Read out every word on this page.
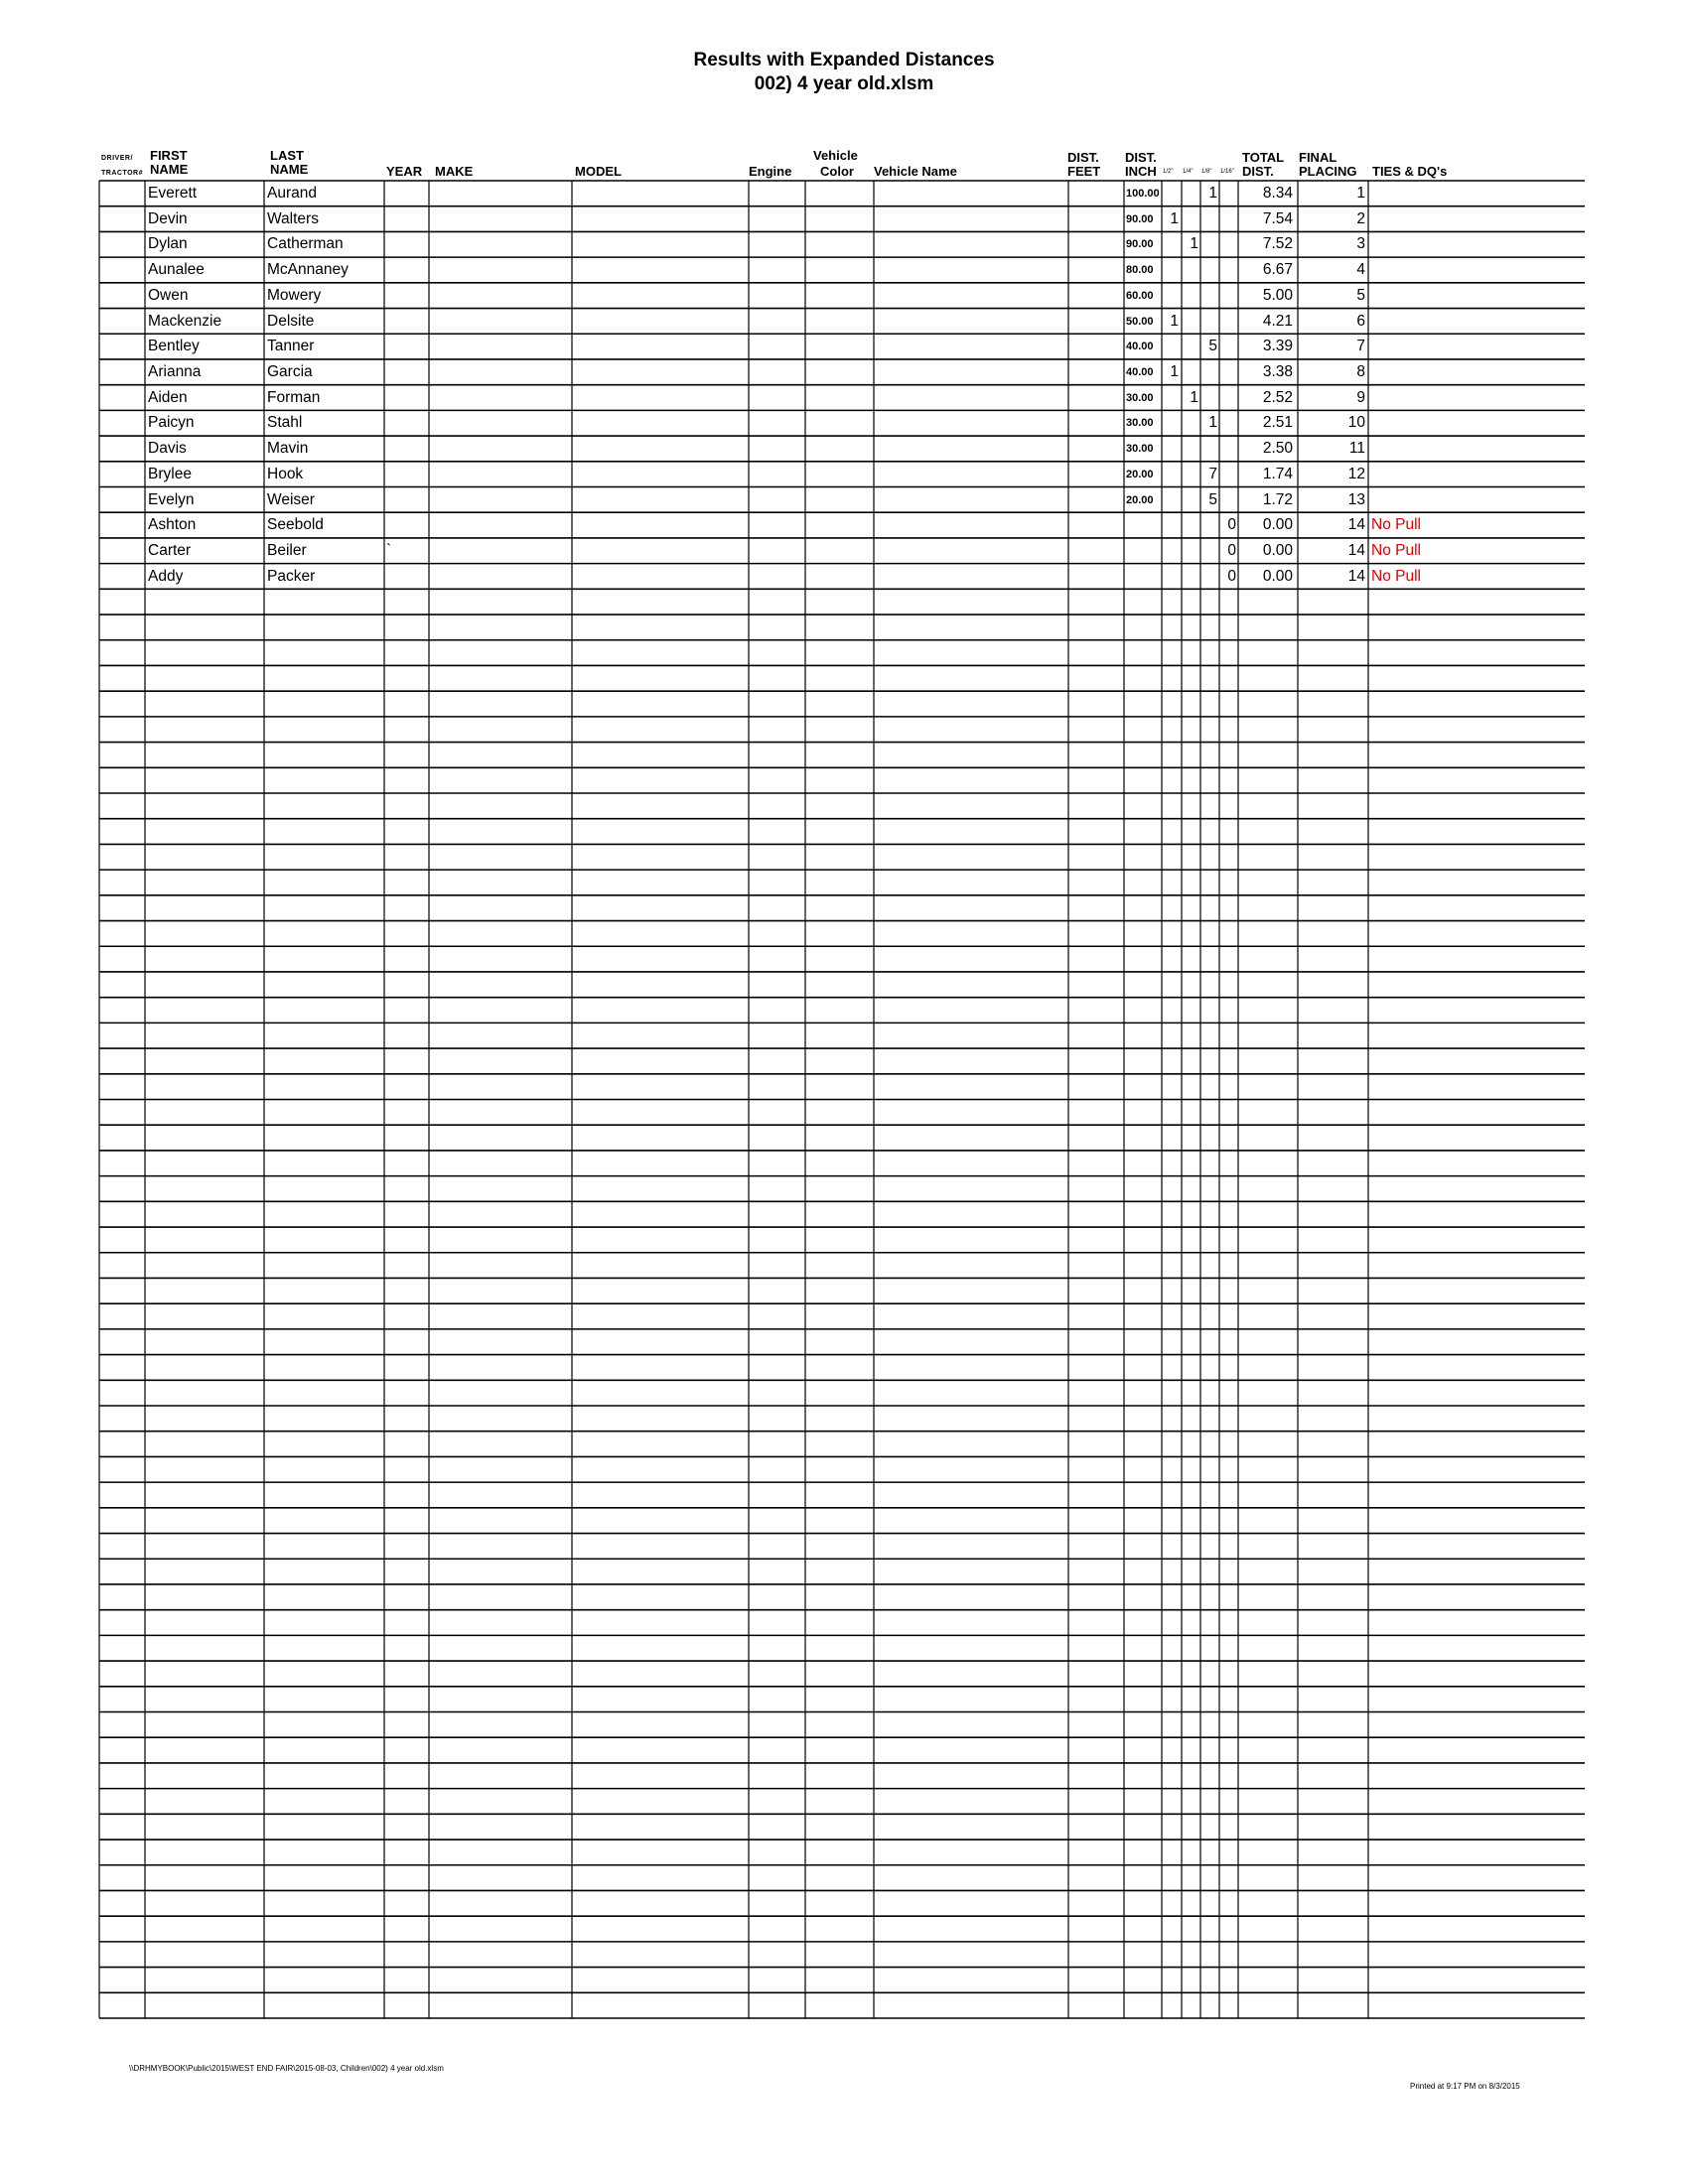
Results with Expanded Distances
002) 4 year old.xlsm
DRIVER/
TRACTOR#
FIRST
NAME
LAST
NAME	YEAR MAKE	MODEL	Engine
Vehicle
Color Vehicle Name
DIST.
FEET
DIST.
INCH 1/2" 1/4" 1/8" 1/16"
TOTAL
DIST.
FINAL
PLACING TIES & DQ's
Everett	Aurand	100.00	1	8.34	1
Devin	Walters	90.00	1	7.54	2
Dylan	Catherman	90.00	1	7.52	3
Aunalee	McAnnaney	80.00	6.67	4
Owen	Mowery	60.00	5.00	5
Mackenzie	Delsite	50.00	1	4.21	6
Bentley	Tanner	40.00	5	3.39	7
Arianna	Garcia	40.00	1	3.38	8
Aiden	Forman	30.00	1	2.52	9
Paicyn	Stahl	30.00	1	2.51	10
Davis	Mavin	30.00	2.50	11
Brylee	Hook	20.00	7	1.74	12
Evelyn	Weiser	20.00	5	1.72	13
Ashton	Seebold	0	0.00	14 No Pull
Carter	Beiler	`	0	0.00	14 No Pull
Addy	Packer	0	0.00	14 No Pull
\\DRHMYBOOK\Public\2015\WEST END FAIR\2015-08-03, Children\002) 4 year old.xlsm
Printed at 9:17 PM on 8/3/2015
